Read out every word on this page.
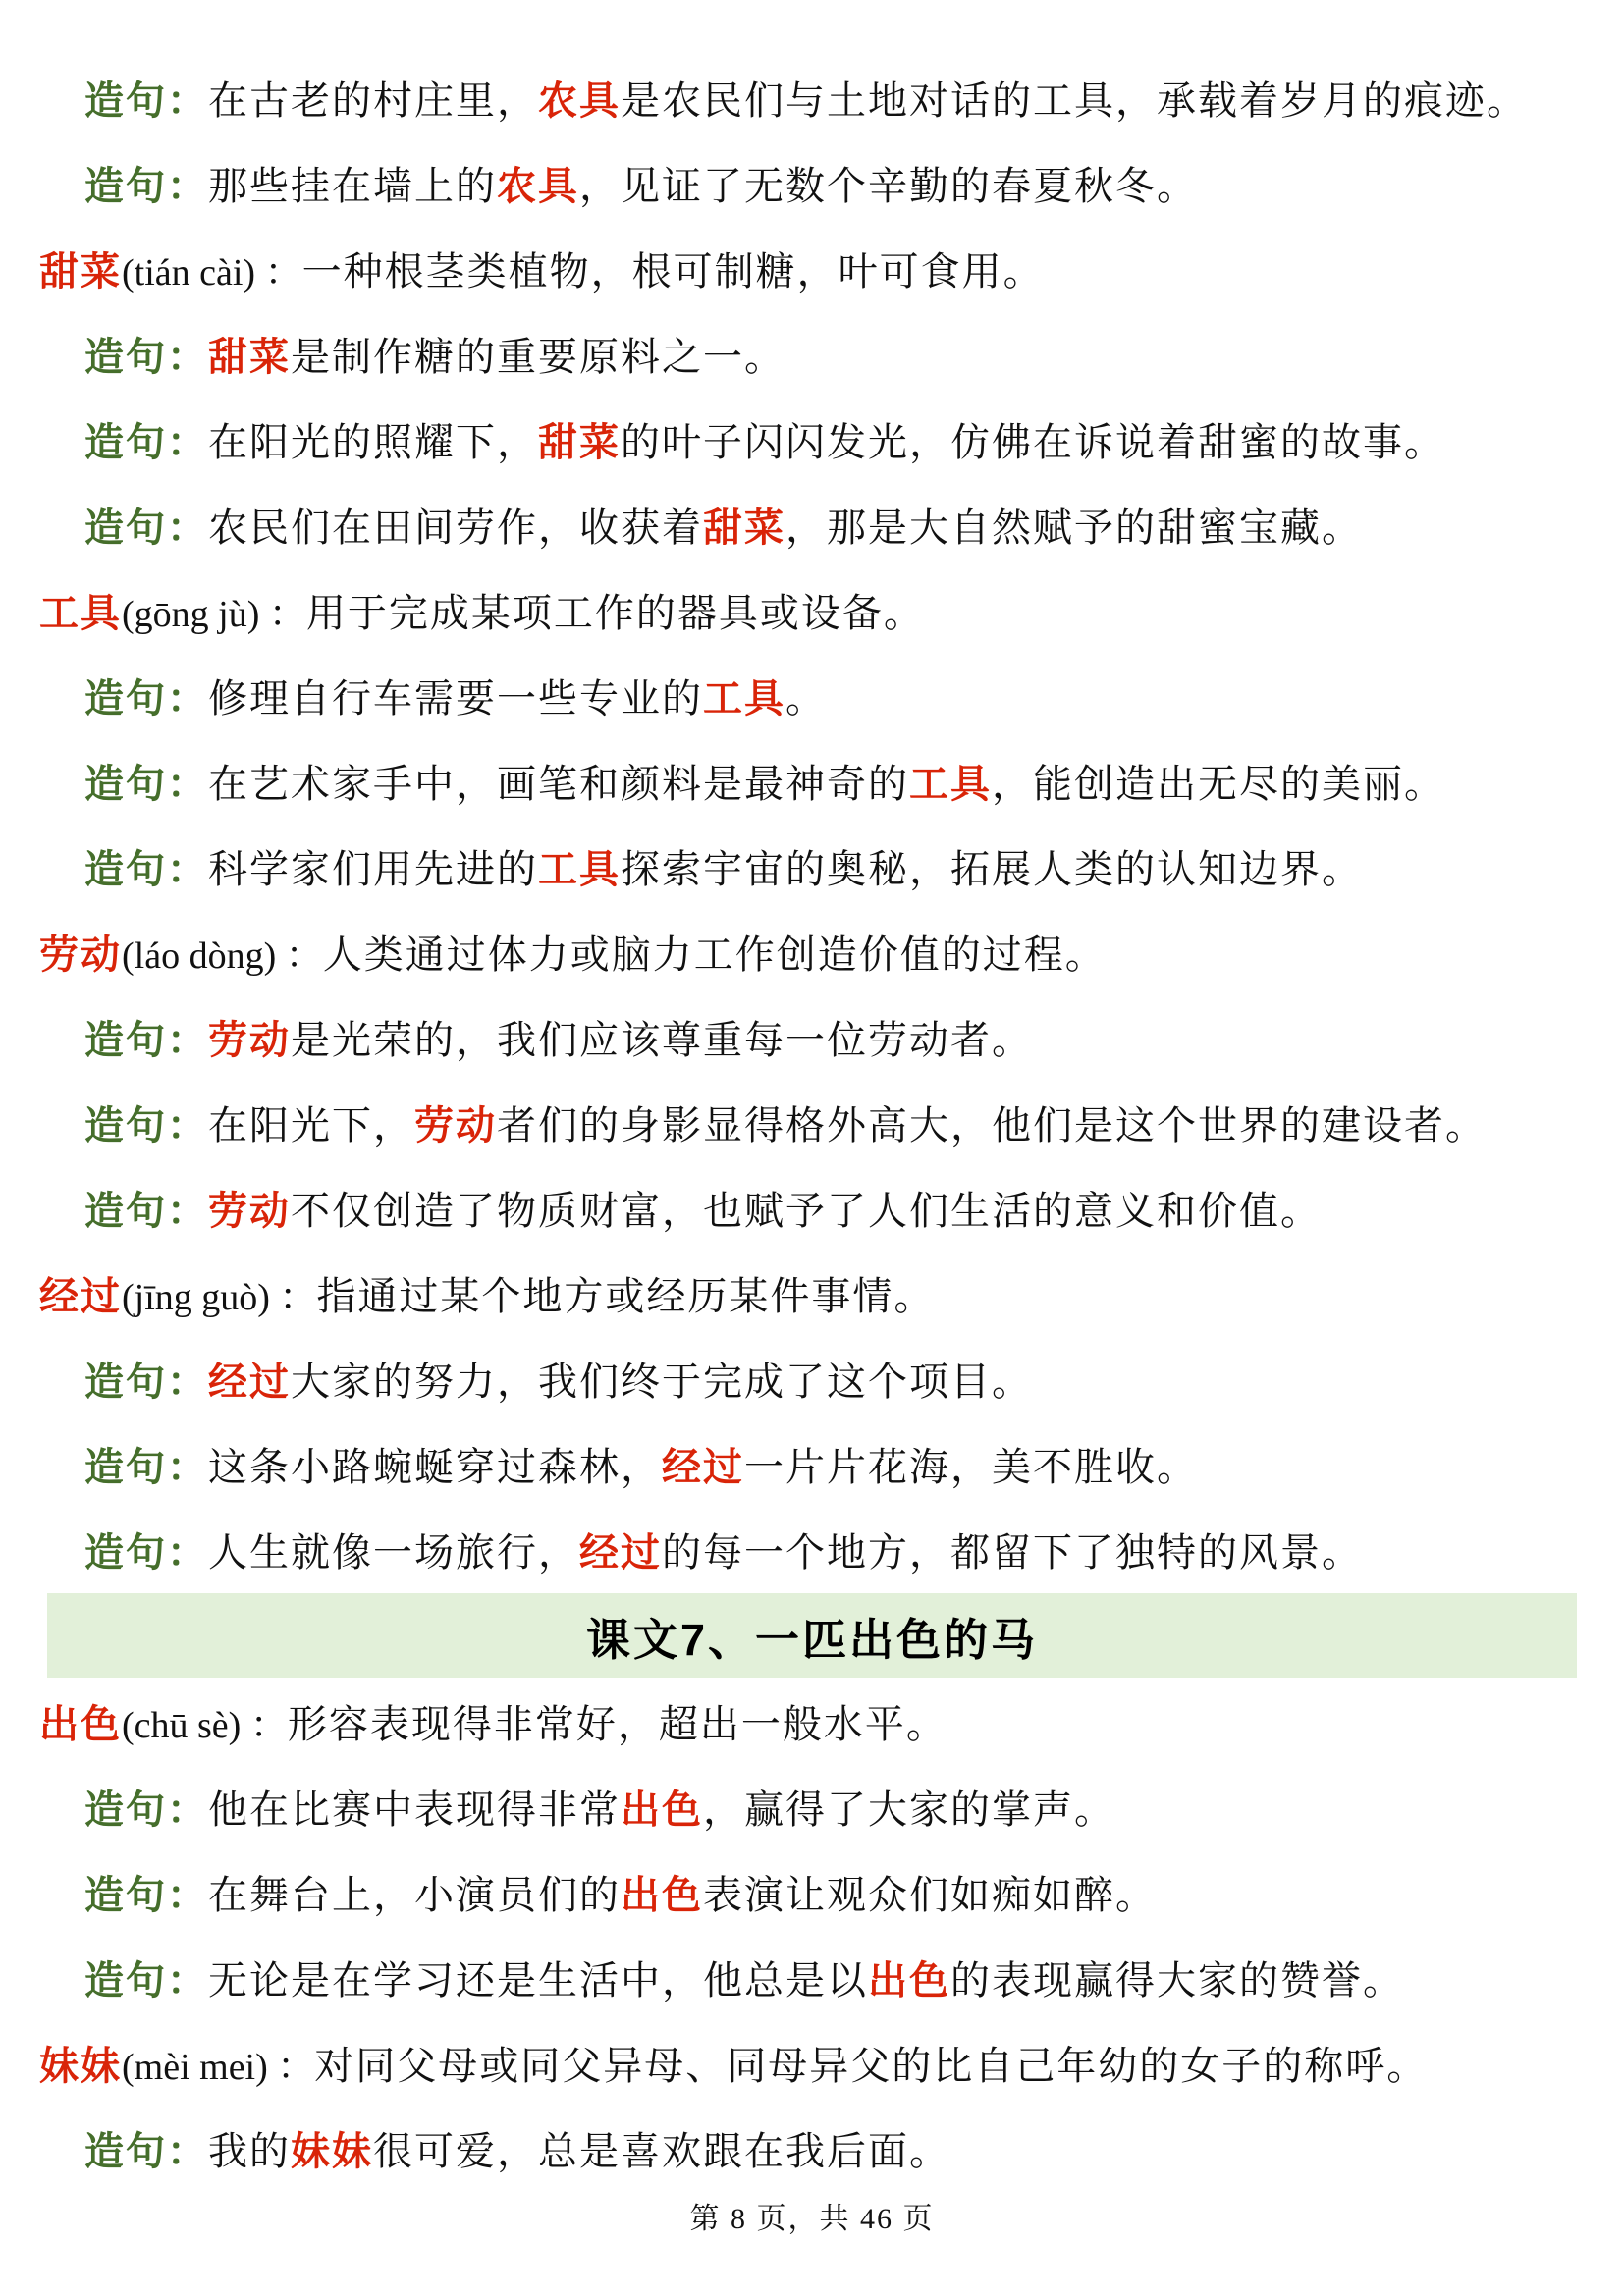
造句： 在古老的村庄里， 农具 是农民们与土地对话的工具，承载着岁月的痕迹。
造句： 那些挂在墙上的 农具 ，见证了无数个辛勤的春夏秋冬。
甜菜 (tián cài) ： 一种根茎类植物，根可制糖，叶可食用。
造句： 甜菜 是制作糖的重要原料之一。
造句： 在阳光的照耀下， 甜菜 的叶子闪闪发光，仿佛在诉说着甜蜜的故事。
造句： 农民们在田间劳作，收获着 甜菜 ，那是大自然赋予的甜蜜宝藏。
工具 (gōng jù) ： 用于完成某项工作的器具或设备。
造句： 修理自行车需要一些专业的 工具 。
造句： 在艺术家手中，画笔和颜料是最神奇的 工具 ，能创造出无尽的美丽。
造句： 科学家们用先进的 工具 探索宇宙的奥秘，拓展人类的认知边界。
劳动 (láo dòng) ： 人类通过体力或脑力工作创造价值的过程。
造句： 劳动 是光荣的，我们应该尊重每一位劳动者。
造句： 在阳光下， 劳动 者们的身影显得格外高大，他们是这个世界的建设者。
造句： 劳动 不仅创造了物质财富，也赋予了人们生活的意义和价值。
经过 (jīng guò) ： 指通过某个地方或经历某件事情。
造句： 经过 大家的努力，我们终于完成了这个项目。
造句： 这条小路蜿蜒穿过森林， 经过 一片片花海，美不胜收。
造句： 人生就像一场旅行， 经过 的每一个地方，都留下了独特的风景。
课文7、一匹出色的马
出色 (chū sè) ： 形容表现得非常好，超出一般水平。
造句： 他在比赛中表现得非常 出色 ，赢得了大家的掌声。
造句： 在舞台上，小演员们的 出色 表演让观众们如痴如醉。
造句： 无论是在学习还是生活中，他总是以 出色 的表现赢得大家的赞誉。
妹妹 (mèi mei) ： 对同父母或同父异母、同母异父的比自己年幼的女子的称呼。
造句： 我的 妹妹 很可爱，总是喜欢跟在我后面。
第 8 页，共 46 页
